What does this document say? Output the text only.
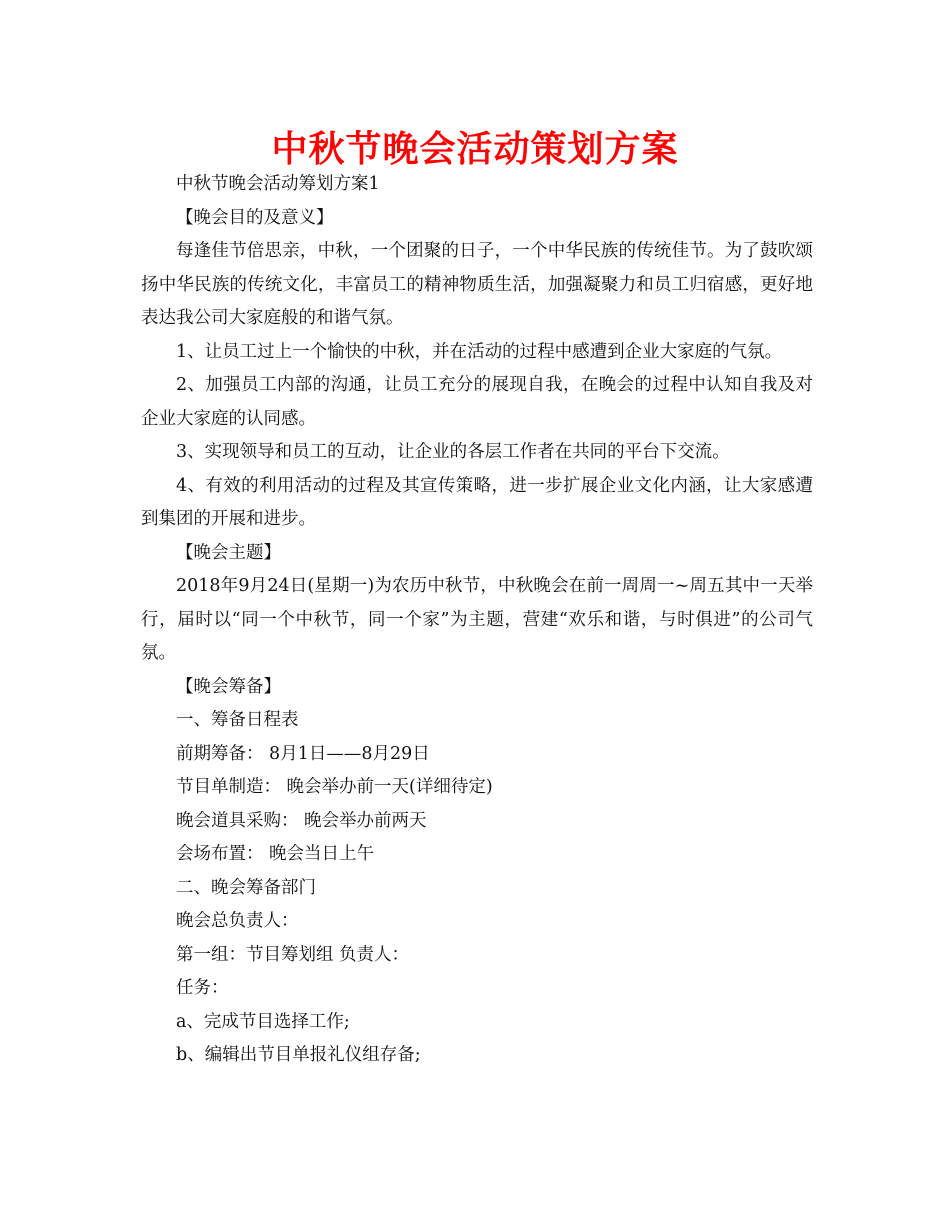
中秋节晚会活动策划方案

中秋节晚会活动筹划方案1

【晚会目的及意义】

每逢佳节倍思亲，中秋，一个团聚的日子，一个中华民族的传统佳节。为了鼓吹颂扬中华民族的传统文化，丰富员工的精神物质生活，加强凝聚力和员工归宿感，更好地表达我公司大家庭般的和谐气氛。

1、让员工过上一个愉快的中秋，并在活动的过程中感遭到企业大家庭的气氛。

2、加强员工内部的沟通，让员工充分的展现自我，在晚会的过程中认知自我及对企业大家庭的认同感。

3、实现领导和员工的互动，让企业的各层工作者在共同的平台下交流。

4、有效的利用活动的过程及其宣传策略，进一步扩展企业文化内涵，让大家感遭到集团的开展和进步。

【晚会主题】

2018年9月24日(星期一)为农历中秋节，中秋晚会在前一周周一~周五其中一天举行，届时以“同一个中秋节，同一个家”为主题，营建“欢乐和谐，与时俱进”的公司气氛。

【晚会筹备】

一、筹备日程表

前期筹备： 8月1日——8月29日

节目单制造： 晚会举办前一天(详细待定)

晚会道具采购： 晚会举办前两天

会场布置： 晚会当日上午

二、晚会筹备部门

晚会总负责人：

第一组：节目筹划组 负责人：

任务：

a、完成节目选择工作;

b、编辑出节目单报礼仪组存备;
